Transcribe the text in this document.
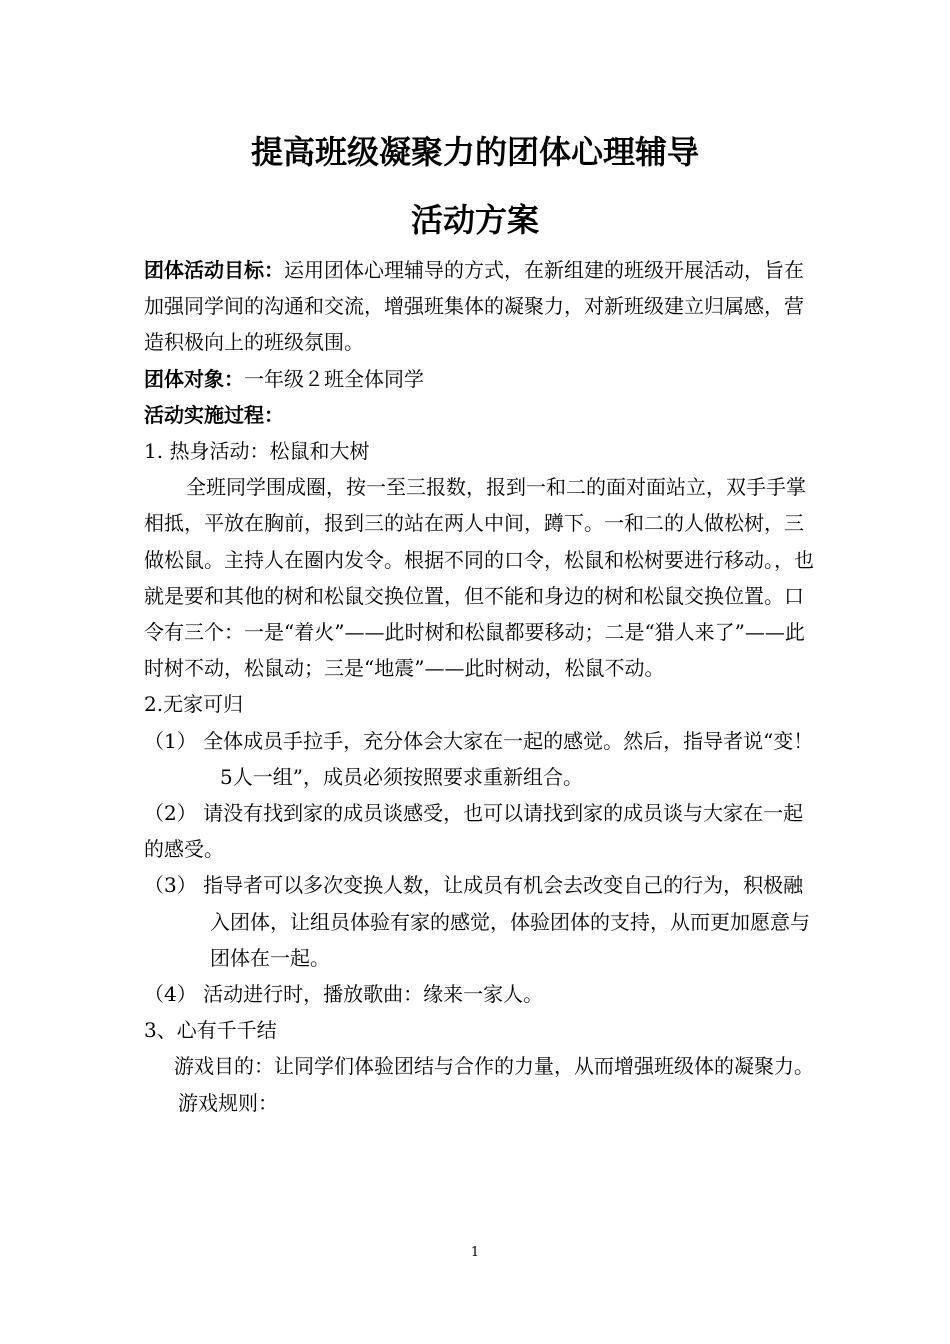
提高班级凝聚力的团体心理辅导
活动方案

团体活动目标：运用团体心理辅导的方式，在新组建的班级开展活动，旨在加强同学间的沟通和交流，增强班集体的凝聚力，对新班级建立归属感，营造积极向上的班级氛围。

团体对象：一年级２班全体同学

活动实施过程：

1. 热身活动：松鼠和大树

全班同学围成圈，按一至三报数，报到一和二的面对面站立，双手手掌相抵，平放在胸前，报到三的站在两人中间，蹲下。一和二的人做松树，三做松鼠。主持人在圈内发令。根据不同的口令，松鼠和松树要进行移动。，也就是要和其他的树和松鼠交换位置，但不能和身边的树和松鼠交换位置。口令有三个：一是“着火”——此时树和松鼠都要移动；二是“猎人来了”——此时树不动，松鼠动；三是“地震”——此时树动，松鼠不动。

2.无家可归

（1） 全体成员手拉手，充分体会大家在一起的感觉。然后，指导者说“变！5人一组”，成员必须按照要求重新组合。

（2） 请没有找到家的成员谈感受，也可以请找到家的成员谈与大家在一起的感受。

（3） 指导者可以多次变换人数，让成员有机会去改变自己的行为，积极融入团体，让组员体验有家的感觉，体验团体的支持，从而更加愿意与团体在一起。

（4） 活动进行时，播放歌曲：缘来一家人。

3、心有千千结

游戏目的：让同学们体验团结与合作的力量，从而增强班级体的凝聚力。

游戏规则：

1
